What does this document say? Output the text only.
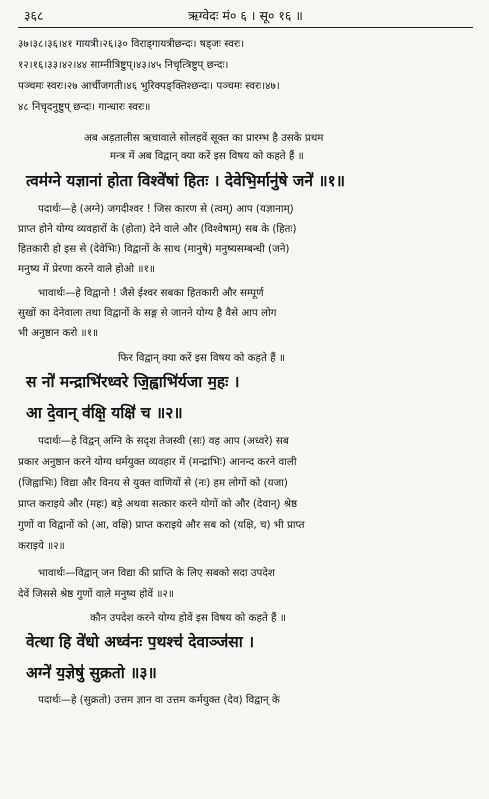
३६८	ऋग्वेदः मं० ६ । सू० १६ ॥
३७।३८।३६।४१ गायत्री।२६।३० विराड्गायत्रीछन्दः। षड्जः स्वरः।
१२।१६।३३।४२।४४ साम्नीत्रिष्टुप्।४३।४५ निचृत्त्रिष्टुप् छन्दः।
पञ्चमः स्वरः।२७ आर्चीजगती।४६ भुरिक्पङ्क्तिश्छन्दः। पञ्चमः स्वरः।४७।
४८ निचृदनुष्टुप् छन्दः। गान्धारः स्वरः॥
अब अड़तालीस ऋचावाले सोलहवें सूक्त का प्रारम्भ है उसके प्रथम
मन्त्र में अब विद्वान् क्या करें इस विषय को कहते हैं ॥
त्वम॑ग्ने यज्ञानां होता विश्वे॑षां हितः । देवेभि॒र्मानु॑षे जने॑ ॥१॥
पदार्थः—हे (अग्ने) जगदीश्वर ! जिस कारण से (त्वम्) आप (यज्ञानाम्)
प्राप्त होने योग्य व्यवहारों के (होता) देने वाले और (विश्वेषाम्) सब के (हितः)
हितकारी हो इस से (देवेभिः) विद्वानों के साथ (मानुषे) मनुष्यसम्बन्धी (जने)
मनुष्य में प्रेरणा करने वाले होओ ॥१॥
भावार्थः—हे विद्वानो ! जैसे ईश्वर सबका हितकारी और सम्पूर्ण
सुखों का देनेवाला तथा विद्वानों के सङ्ग से जानने योग्य है वैसे आप लोग
भी अनुष्ठान करो ॥१॥
फिर विद्वान् क्या करें इस विषय को कहते हैं ॥
स नो॑ मन्द्राभि॑रध्वरे जि॒ह्वाभि॑र्यजा म॒हः ।
आ दे॒वान् व॑क्षि॒ यक्षि॑ च ॥२॥
पदार्थः—हे विद्वन् अग्नि के सदृश तेजस्वी (सः) वह आप (अध्वरे) सब
प्रकार अनुष्ठान करने योग्य धर्मयुक्त व्यवहार में (मन्द्राभिः) आनन्द करने वाली
(जिह्वाभिः) विद्या और विनय से युक्त वाणियों से (नः) हम लोगों को (यजा)
प्राप्त कराइये और (महः) बड़े अथवा सत्कार करने योगों को और (देवान्) श्रेष्ठ
गुणों वा विद्वानों को (आ, वक्षि) प्राप्त कराइये और सब को (यक्षि, च) भी प्राप्त
कराइये ॥२॥
भावार्थः—विद्वान् जन विद्या की प्राप्ति के लिए सबको सदा उपदेश
देवें जिससे श्रेष्ठ गुणों वाले मनुष्य होवें ॥२॥
कौन उपदेश करने योग्य होवें इस विषय को कहते हैं ॥
वेत्था हि वे॑धो अध्व॑नः प॒थश्च॑ देवाञ्ज॑सा ।
अग्ने॑ य॒ज्ञेषु॑ सुक्रतो ॥३॥
पदार्थः—हे (सुक्रतो) उत्तम ज्ञान वा उत्तम कर्मयुक्त (देव) विद्वान् के
